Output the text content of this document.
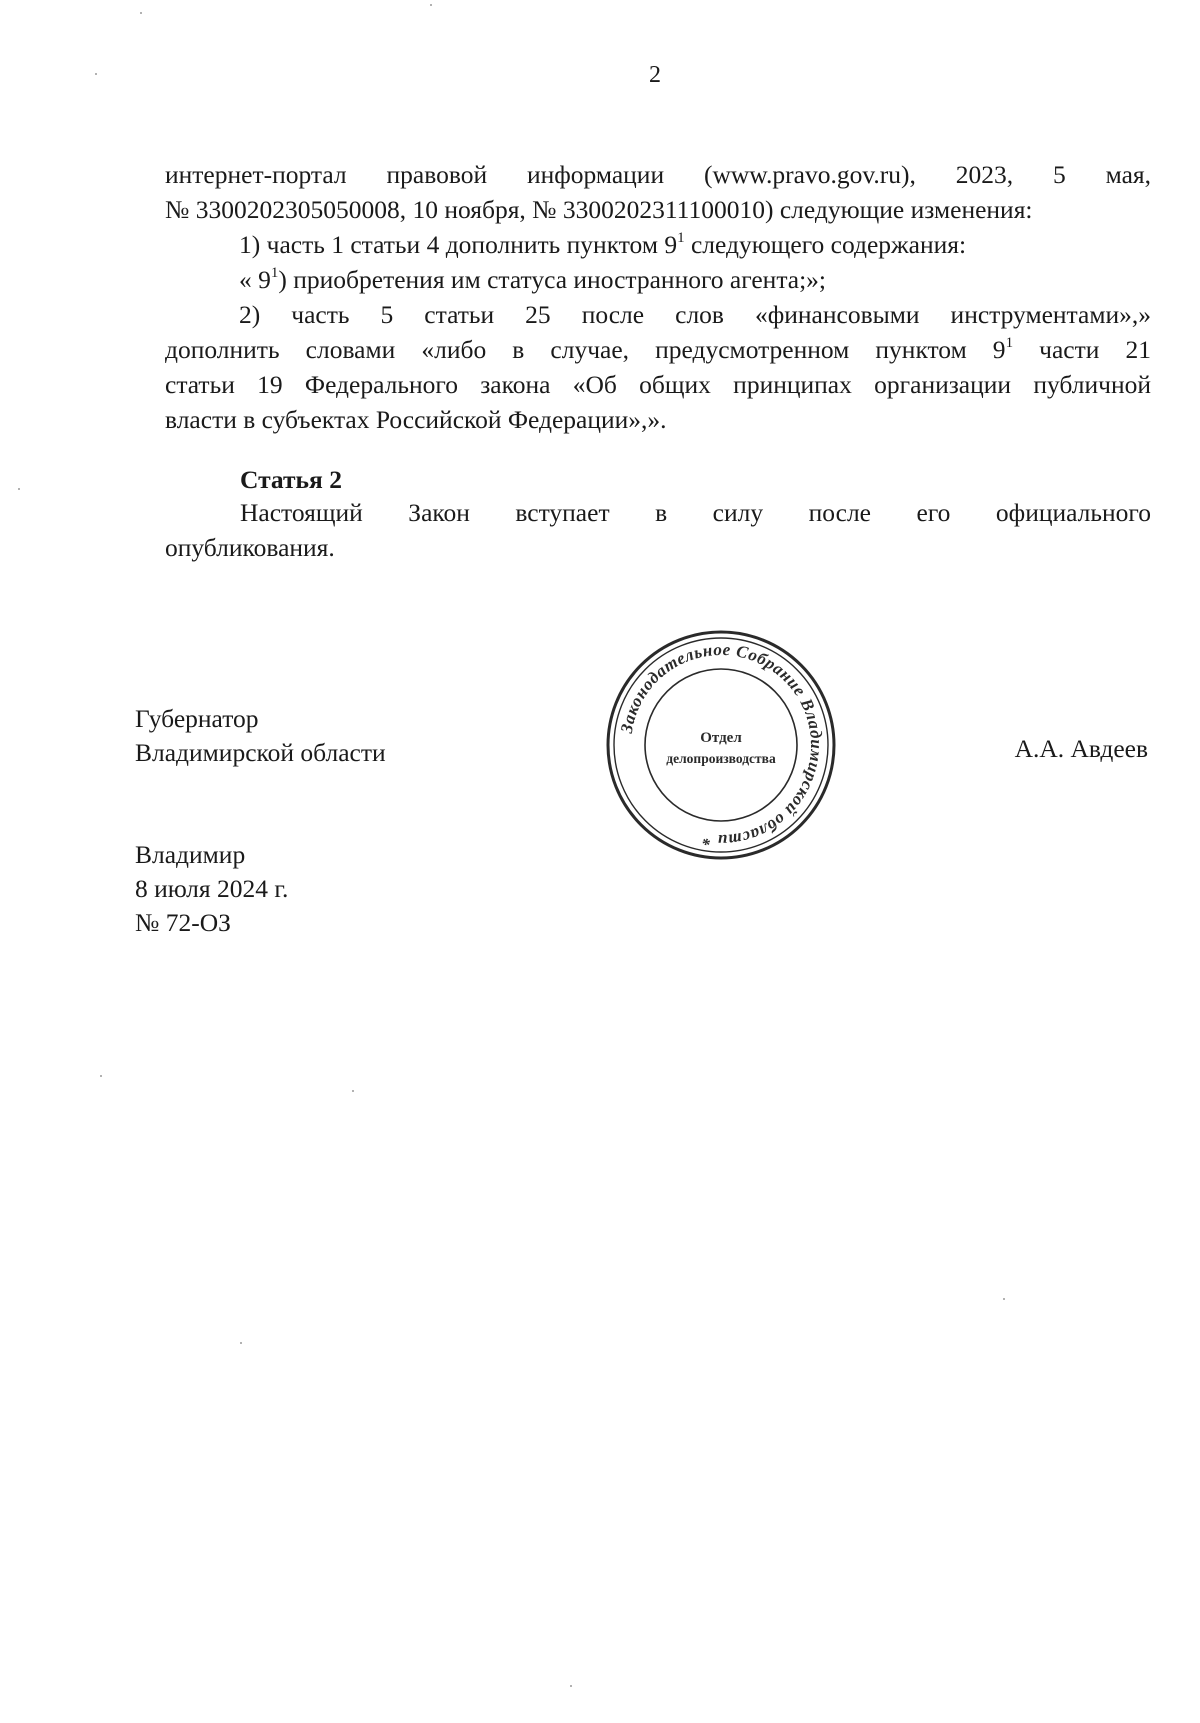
2

интернет-портал правовой информации (www.pravo.gov.ru), 2023, 5 мая,
№ 3300202305050008, 10 ноября, № 3300202311100010) следующие изменения:

1) часть 1 статьи 4 дополнить пунктом $9^1$ следующего содержания:

« $9^1$) приобретения им статуса иностранного агента;»;

2) часть 5 статьи 25 после слов «финансовыми инструментами»,»
дополнить словами «либо в случае, предусмотренном пунктом $9^1$ части 21
статьи 19 Федерального закона «Об общих принципах организации публичной
власти в субъектах Российской Федерации»,».
Статья 2
Настоящий Закон вступает в силу после его официального
опубликования.
Губернатор
Владимирской области
Законодательное Собрание Владимирской области *
Отдел
делопроизводства	А.А. Авдеев
Владимир
8 июля 2024 г.
№ 72-ОЗ
